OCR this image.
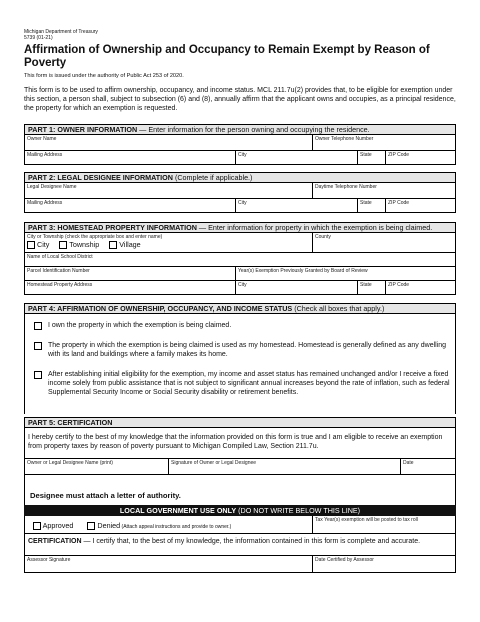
Michigan Department of Treasury
5739 (01-21)
Affirmation of Ownership and Occupancy to Remain Exempt by Reason of Poverty
This form is issued under the authority of Public Act 253 of 2020.
This form is to be used to affirm ownership, occupancy, and income status. MCL 211.7u(2) provides that, to be eligible for exemption under this section, a person shall, subject to subsection (6) and (8), annually affirm that the applicant owns and occupies, as a principal residence, the property for which an exemption is requested.
PART 1: OWNER INFORMATION — Enter information for the person owning and occupying the residence.
Owner Name	Owner Telephone Number
Mailing Address	City	State	ZIP Code
PART 2: LEGAL DESIGNEE INFORMATION (Complete if applicable.)
Legal Designee Name	Daytime Telephone Number
Mailing Address	City	State	ZIP Code
PART 3: HOMESTEAD PROPERTY INFORMATION — Enter information for property in which the exemption is being claimed.
City or Township (check the appropriate box and enter name)
City	Township	Village
County
Name of Local School District
Parcel Identification Number	Year(s) Exemption Previously Granted by Board of Review
Homestead Property Address	City	State	ZIP Code
PART 4: AFFIRMATION OF OWNERSHIP, OCCUPANCY, AND INCOME STATUS (Check all boxes that apply.)
I own the property in which the exemption is being claimed.
The property in which the exemption is being claimed is used as my homestead. Homestead is generally defined as any dwelling with its land and buildings where a family makes its home.
After establishing initial eligibility for the exemption, my income and asset status has remained unchanged and/or I receive a fixed income solely from public assistance that is not subject to significant annual increases beyond the rate of inflation, such as federal Supplemental Security Income or Social Security disability or retirement benefits.
PART 5: CERTIFICATION
I hereby certify to the best of my knowledge that the information provided on this form is true and I am eligible to receive an exemption from property taxes by reason of poverty pursuant to Michigan Compiled Law, Section 211.7u.
Owner or Legal Designee Name (print)	Signature of Owner or Legal Designee	Date
Designee must attach a letter of authority.
LOCAL GOVERNMENT USE ONLY (DO NOT WRITE BELOW THIS LINE)
Approved	Denied (Attach appeal instructions and provide to owner.)
Tax Year(s) exemption will be posted to tax roll
CERTIFICATION — I certify that, to the best of my knowledge, the information contained in this form is complete and accurate.
Assessor Signature	Date Certified by Assessor
